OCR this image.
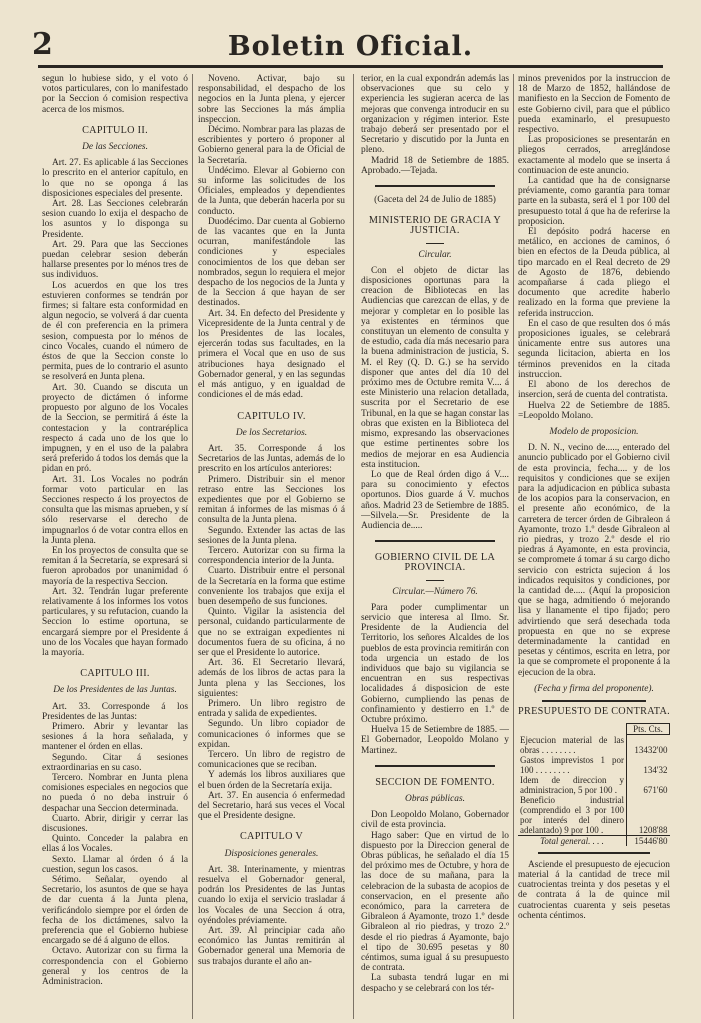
2	Boletin Oficial.

segun lo hubiese sido, y el voto ó votos particulares, con lo manifestado por la Seccion ó comision respectiva acerca de los mismos.

CAPITULO II.

De las Secciones.

Art. 27. Es aplicable á las Secciones lo prescrito en el anterior capítulo, en lo que no se oponga á las disposiciones especiales del presente.

Art. 28. Las Secciones celebrarán sesion cuando lo exija el despacho de los asuntos y lo disponga su Presidente.

Art. 29. Para que las Secciones puedan celebrar sesion deberán hallarse presentes por lo ménos tres de sus individuos.

Los acuerdos en que los tres estuvieren conformes se tendrán por firmes; si faltare esta conformidad en algun negocio, se volverá á dar cuenta de él con preferencia en la primera sesion, compuesta por lo ménos de cinco Vocales, cuando el número de éstos de que la Seccion conste lo permita, pues de lo contrario el asunto se resolverá en Junta plena.

Art. 30. Cuando se discuta un proyecto de dictámen ó informe propuesto por alguno de los Vocales de la Seccion, se permitirá á éste la contestacion y la contraréplica respecto á cada uno de los que lo impugnen, y en el uso de la palabra será preferido á todos los demás que la pidan en pró.

Art. 31. Los Vocales no podrán formar voto particular en las Secciones respecto á los proyectos de consulta que las mismas aprueben, y sí sólo reservarse el derecho de impugnarlos ó de votar contra ellos en la Junta plena.

En los proyectos de consulta que se remitan á la Secretaría, se expresará si fueron aprobados por unanimidad ó mayoría de la respectiva Seccion.

Art. 32. Tendrán lugar preferente relativamente á los informes los votos particulares, y su refutacion, cuando la Seccion lo estime oportuna, se encargará siempre por el Presidente á uno de los Vocales que hayan formado la mayoría.

CAPITULO III.

De los Presidentes de las Juntas.

Art. 33. Corresponde á los Presidentes de las Juntas:

Primero. Abrir y levantar las sesiones á la hora señalada, y mantener el órden en ellas.

Segundo. Citar á sesiones extraordinarias en su caso.

Tercero. Nombrar en Junta plena comisiones especiales en negocios que no pueda ó no deba instruir ó despachar una Seccion determinada.

Cuarto. Abrir, dirigir y cerrar las discusiones.

Quinto. Conceder la palabra en ellas á los Vocales.

Sexto. Llamar al órden ó á la cuestion, segun los casos.

Sétimo. Señalar, oyendo al Secretario, los asuntos de que se haya de dar cuenta á la Junta plena, verificándolo siempre por el órden de fecha de los dictámenes, salvo la preferencia que el Gobierno hubiese encargado se dé á alguno de ellos.

Octavo. Autorizar con su firma la correspondencia con el Gobierno general y los centros de la Administracion.

Noveno. Activar, bajo su responsabilidad, el despacho de los negocios en la Junta plena, y ejercer sobre las Secciones la más ámplia inspeccion.

Décimo. Nombrar para las plazas de escribientes y portero ó proponer al Gobierno general para la de Oficial de la Secretaría.

Undécimo. Elevar al Gobierno con su informe las solicitudes de los Oficiales, empleados y dependientes de la Junta, que deberán hacerla por su conducto.

Duodécimo. Dar cuenta al Gobierno de las vacantes que en la Junta ocurran, manifestándole las condiciones y especiales conocimientos de los que deban ser nombrados, segun lo requiera el mejor despacho de los negocios de la Junta y de la Seccion á que hayan de ser destinados.

Art. 34. En defecto del Presidente y Vicepresidente de la Junta central y de los Presidentes de las locales, ejercerán todas sus facultades, en la primera el Vocal que en uso de sus atribuciones haya designado el Gobernador general, y en las segundas el más antiguo, y en igualdad de condiciones el de más edad.

CAPITULO IV.

De los Secretarios.

Art. 35. Corresponde á los Secretarios de las Juntas, además de lo prescrito en los artículos anteriores:

Primero. Distribuir sin el menor retraso entre las Secciones los expedientes que por el Gobierno se remitan á informes de las mismas ó á consulta de la Junta plena.

Segundo. Extender las actas de las sesiones de la Junta plena.

Tercero. Autorizar con su firma la correspondencia interior de la Junta.

Cuarto. Distribuir entre el personal de la Secretaría en la forma que estime conveniente los trabajos que exija el buen desempeño de sus funciones.

Quinto. Vigilar la asistencia del personal, cuidando particularmente de que no se extraigan expedientes ni documentos fuera de su oficina, á no ser que el Presidente lo autorice.

Art. 36. El Secretario llevará, además de los libros de actas para la Junta plena y las Secciones, los siguientes:

Primero. Un libro registro de entrada y salida de expedientes.

Segundo. Un libro copiador de comunicaciones ó informes que se expidan.

Tercero. Un libro de registro de comunicaciones que se reciban.

Y además los libros auxiliares que el buen órden de la Secretaría exija.

Art. 37. En ausencia ó enfermedad del Secretario, hará sus veces el Vocal que el Presidente designe.

CAPITULO V

Disposiciones generales.

Art. 38. Interinamente, y mientras resuelva el Gobernador general, podrán los Presidentes de las Juntas cuando lo exija el servicio trasladar á los Vocales de una Seccion á otra, oyéndoles préviamente.

Art. 39. Al principiar cada año económico las Juntas remitirán al Gobernador general una Memoria de sus trabajos durante el año an-

terior, en la cual expondrán además las observaciones que su celo y experiencia les sugieran acerca de las mejoras que convenga introducir en su organizacion y régimen interior. Este trabajo deberá ser presentado por el Secretario y discutido por la Junta en pleno.

Madrid 18 de Setiembre de 1885. Aprobado.—Tejada.

(Gaceta del 24 de Julio de 1885)

MINISTERIO DE GRACIA Y JUSTICIA.

Circular.

Con el objeto de dictar las disposiciones oportunas para la creacion de Bibliotecas en las Audiencias que carezcan de ellas, y de mejorar y completar en lo posible las ya existentes en términos que constituyan un elemento de consulta y de estudio, cada día más necesario para la buena administracion de justicia, S. M. el Rey (Q. D. G.) se ha servido disponer que antes del día 10 del próximo mes de Octubre remita V.... á este Ministerio una relacion detallada, suscrita por el Secretario de ese Tribunal, en la que se hagan constar las obras que existen en la Biblioteca del mismo, expresando las observaciones que estime pertinentes sobre los medios de mejorar en esa Audiencia esta institucion.

Lo que de Real órden digo á V.... para su conocimiento y efectos oportunos. Dios guarde á V. muchos años. Madrid 23 de Setiembre de 1885.—Silvela.—Sr. Presidente de la Audiencia de.....

GOBIERNO CIVIL DE LA PROVINCIA.

Circular.—Número 76.

Para poder cumplimentar un servicio que interesa al Ilmo. Sr. Presidente de la Audiencia del Territorio, los señores Alcaldes de los pueblos de esta provincia remitirán con toda urgencia un estado de los individuos que bajo su vigilancia se encuentran en sus respectivas localidades á disposicion de este Gobierno, cumpliendo las penas de confinamiento y destierro en 1.º de Octubre próximo.

Huelva 15 de Setiembre de 1885. —El Gobernador, Leopoldo Molano y Martinez.

SECCION DE FOMENTO.

Obras públicas.

Don Leopoldo Molano, Gobernador civil de esta provincia.

Hago saber: Que en virtud de lo dispuesto por la Direccion general de Obras públicas, he señalado el día 15 del próximo mes de Octubre, y hora de las doce de su mañana, para la celebracion de la subasta de acopios de conservacion, en el presente año económico, para la carretera de Gibraleon á Ayamonte, trozo 1.º desde Gibraleon al rio piedras, y trozo 2.º desde el rio piedras á Ayamonte, bajo el tipo de 30.695 pesetas y 80 céntimos, suma igual á su presupuesto de contrata.

La subasta tendrá lugar en mi despacho y se celebrará con los tér-

minos prevenidos por la instruccion de 18 de Marzo de 1852, hallándose de manifiesto en la Seccion de Fomento de este Gobierno civil, para que el público pueda examinarlo, el presupuesto respectivo.

Las proposiciones se presentarán en pliegos cerrados, arreglándose exactamente al modelo que se inserta á continuacion de este anuncio.

La cantidad que ha de consignarse préviamente, como garantía para tomar parte en la subasta, será el 1 por 100 del presupuesto total á que ha de referirse la proposicion.

El depósito podrá hacerse en metálico, en acciones de caminos, ó bien en efectos de la Deuda pública, al tipo marcado en el Real decreto de 29 de Agosto de 1876, debiendo acompañarse á cada pliego el documento que acredite haberlo realizado en la forma que previene la referida instruccion.

En el caso de que resulten dos ó más proposiciones iguales, se celebrará únicamente entre sus autores una segunda licitacion, abierta en los términos prevenidos en la citada instruccion.

El abono de los derechos de insercion, será de cuenta del contratista.

Huelva 22 de Setiembre de 1885. =Leopoldo Molano.

Modelo de proposicion.

D. N. N., vecino de....., enterado del anuncio publicado por el Gobierno civil de esta provincia, fecha.... y de los requisitos y condiciones que se exijen para la adjudicacion en pública subasta de los acopios para la conservacion, en el presente año económico, de la carretera de tercer órden de Gibraleon á Ayamonte, trozo 1.º desde Gibraleon al rio piedras, y trozo 2.º desde el rio piedras á Ayamonte, en esta provincia, se compromete á tomar á su cargo dicho servicio con estricta sujecion á los indicados requisitos y condiciones, por la cantidad de..... (Aquí la proposicion que se haga, admitiendo ó mejorando lisa y llanamente el tipo fijado; pero advirtiendo que será desechada toda propuesta en que no se exprese determinadamente la cantidad en pesetas y céntimos, escrita en letra, por la que se compromete el proponente á la ejecucion de la obra.

(Fecha y firma del proponente).

PRESUPUESTO DE CONTRATA.

	Pts. Cts.
Ejecucion material de las obras . . . . . . . .	13432'00
Gastos imprevistos 1 por 100 . . . . . . . .	134'32
Idem de direccion y administracion, 5 por 100 .	671'60
Beneficio industrial (comprendido el 3 por 100 por interés del dinero adelantado) 9 por 100 .	1208'88
Total general. . . .	15446'80

Asciende el presupuesto de ejecucion material á la cantidad de trece mil cuatrocientas treinta y dos pesetas y el de contrata á la de quince mil cuatrocientas cuarenta y seis pesetas ochenta céntimos.
